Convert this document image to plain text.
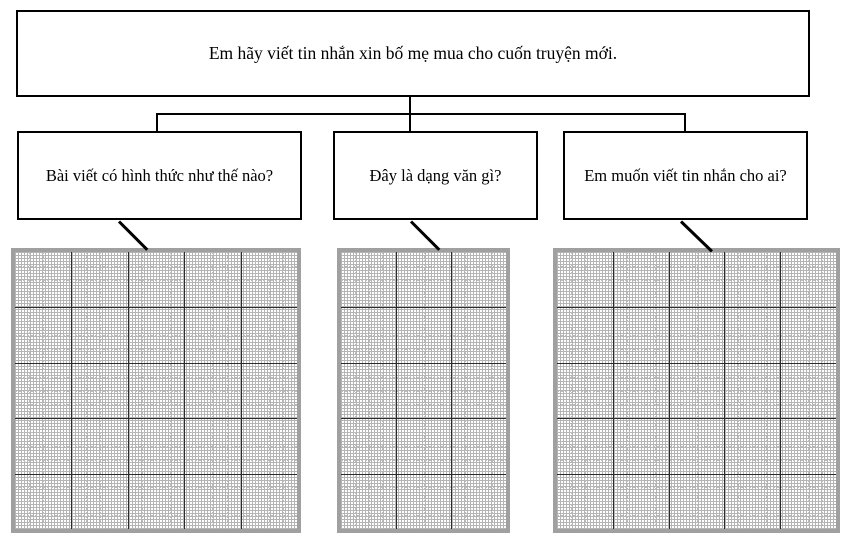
Em hãy viết tin nhắn xin bố mẹ mua cho cuốn truyện mới.
Bài viết có hình thức như thế nào?	Đây là dạng văn gì?	Em muốn viết tin nhắn cho ai?
